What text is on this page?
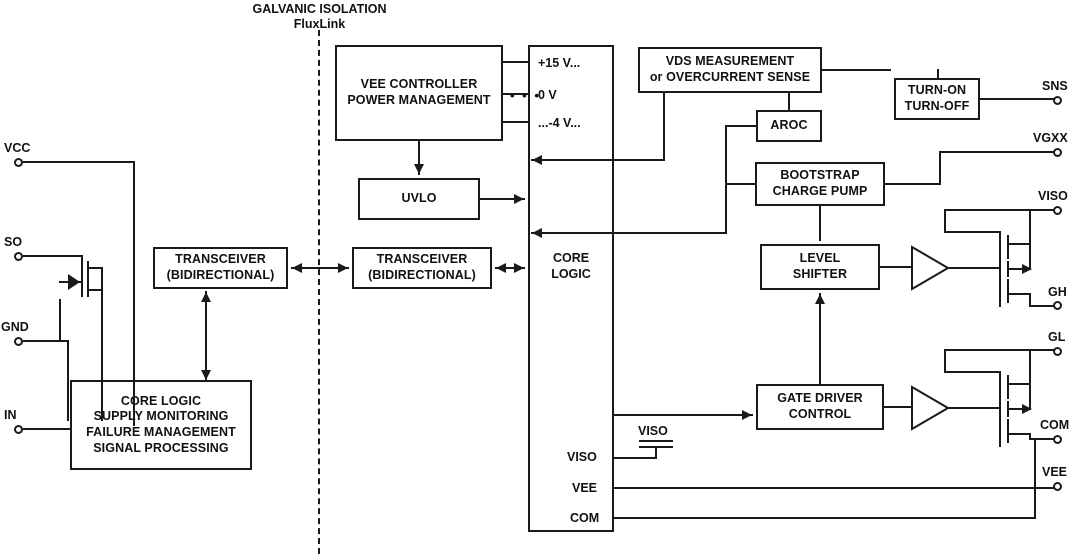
GALVANIC ISOLATION
FluxLink
VCC
SO
GND
IN
CORE LOGIC
SUPPLY MONITORING
FAILURE MANAGEMENT
SIGNAL PROCESSING
TRANSCEIVER
(BIDIRECTIONAL)
TRANSCEIVER
(BIDIRECTIONAL)
VEE CONTROLLER
POWER MANAGEMENT
UVLO
CORE
LOGIC
+15 V...
0 V
...-4 V...
• • •
VISO
VEE
COM
VDS MEASUREMENT
or OVERCURRENT SENSE
AROC
TURN-ON
TURN-OFF
BOOTSTRAP
CHARGE PUMP
LEVEL
SHIFTER
GATE DRIVER
CONTROL
SNS
VGXX
VISO
GH
GL
COM
VEE
VISO
